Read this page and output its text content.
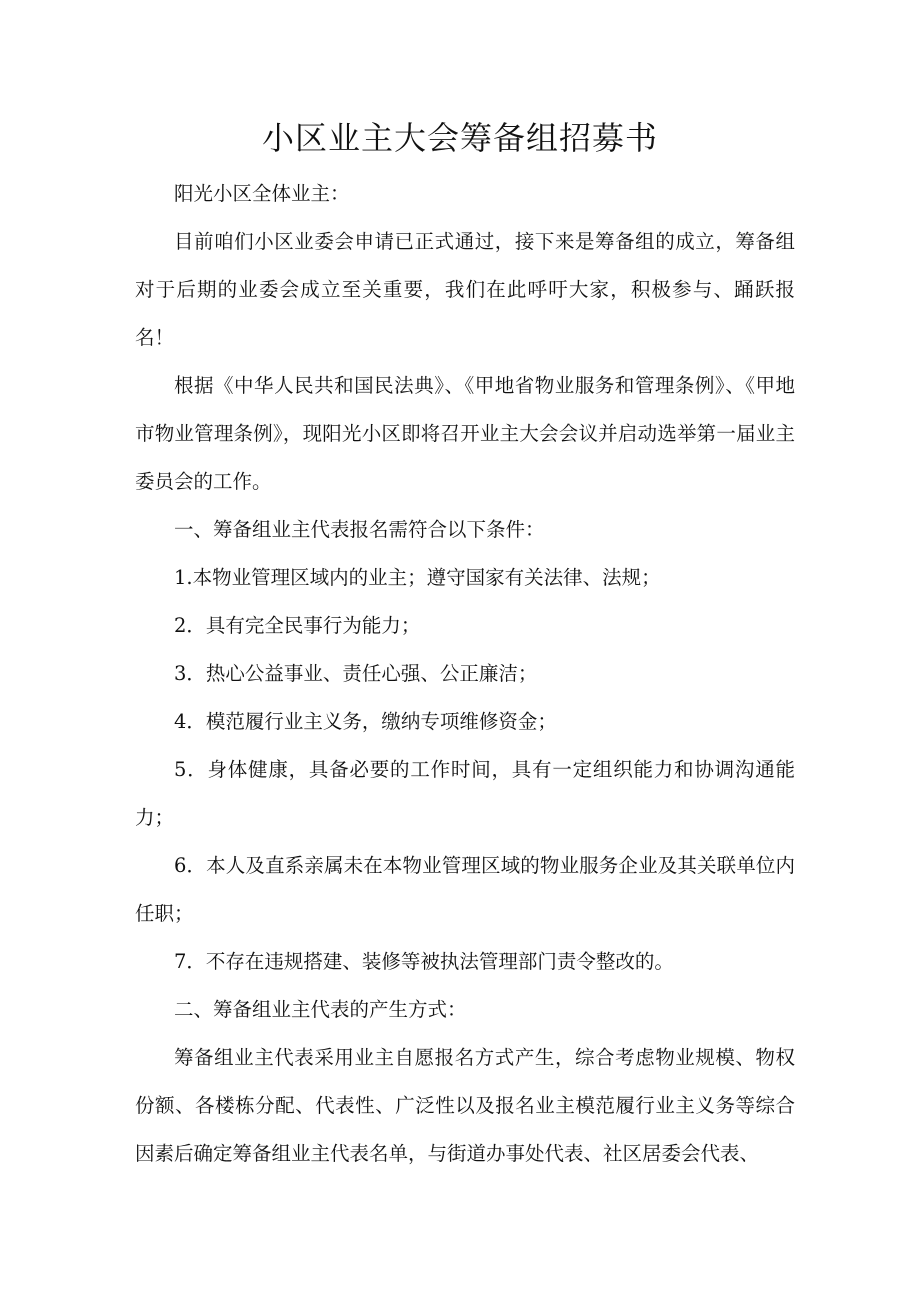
小区业主大会筹备组招募书

阳光小区全体业主：

目前咱们小区业委会申请已正式通过，接下来是筹备组的成立，筹备组对于后期的业委会成立至关重要，我们在此呼吁大家，积极参与、踊跃报名！

根据《中华人民共和国民法典》、《甲地省物业服务和管理条例》、《甲地市物业管理条例》，现阳光小区即将召开业主大会会议并启动选举第一届业主委员会的工作。

一、筹备组业主代表报名需符合以下条件：

1.本物业管理区域内的业主；遵守国家有关法律、法规；

2．具有完全民事行为能力；

3．热心公益事业、责任心强、公正廉洁；

4．模范履行业主义务，缴纳专项维修资金；

5．身体健康，具备必要的工作时间，具有一定组织能力和协调沟通能力；

6．本人及直系亲属未在本物业管理区域的物业服务企业及其关联单位内任职；

7．不存在违规搭建、装修等被执法管理部门责令整改的。

二、筹备组业主代表的产生方式：

筹备组业主代表采用业主自愿报名方式产生，综合考虑物业规模、物权份额、各楼栋分配、代表性、广泛性以及报名业主模范履行业主义务等综合因素后确定筹备组业主代表名单，与街道办事处代表、社区居委会代表、
